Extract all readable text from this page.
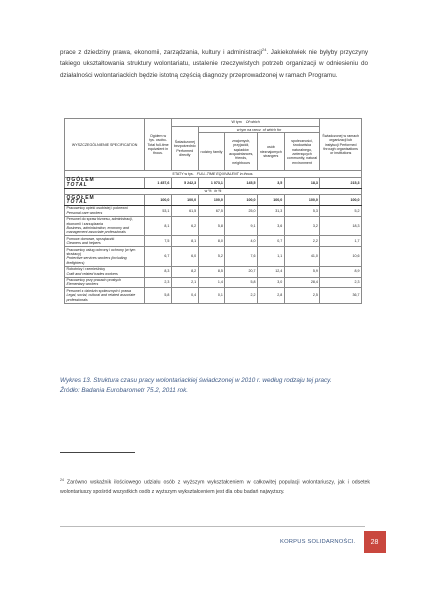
prace z dziedziny prawa, ekonomii, zarządzania, kultury i administracji$^{24}$. Jakiekolwiek nie byłyby przyczyny takiego ukształtowania struktury wolontariatu, ustalenie rzeczywistych potrzeb organizacji w odniesieniu do działalności wolontariackich będzie istotną częścią diagnozy przeprowadzonej w ramach Programu.

WYSZCZEGÓLNIENIE SPECIFICATION	Ogółem w tys. osobo- Total full-time equivalent in thous.	W tym Of which					Świadczonej w ramach organizacji lub instytucji Performed through organisations or institutions
		Świadczonej bezpośrednio Performed directly	w tym na rzecz of which for				
			rodziny family	znajomych, przyjaciół, sąsiadów acquaintances, friends, neighbours	osób nieznajomych strangers	społeczności, środowiska naturalnego, zwierzęcych community, natural environment	
ETATY w tys. FULL-TIME EQUIVALENT in thous.							

OGÓŁEM
TOTAL	1 457,6	5 242,3	1 073,1	145,5	3,5	18,3	215,3
w % in %							

OGÓŁEM
TOTAL	100,0	100,0	100,0	100,0	100,0	100,0	100,0

Pracownicy opieki osobistej i pokrewni
Personal care workers	53,1	61,5	67,5	25,0	31,3	5,3	5,2

Personel do spraw biznesu, administracji, ekonomii i zarządzania
Business, administration, economy and management associate professionals	8,1	6,2	5,8	9,1	3,6	3,2	18,3

Pomoce domowe, sprzątaczki
Cleaners and helpers	7,5	8,1	8,0	4,0	0,7	2,2	1,7

Pracownicy usług ochrony i ochrony (w tym strażacy)
Protective services workers (including firefighters)	6,7	6,0	5,2	7,6	1,1	41,0	10,6

Robotnicy i rzemieślnicy
Craft and related trades workers	8,3	8,2	8,5	20,7	12,4	5,9	8,9

Pracownicy przy pracach prostych
Elementary workers	2,3	2,1	1,4	5,8	3,0	28,4	2,3

Personel z dziedzin społecznych i prawa
Legal, social, cultural and related associate professionals	5,8	0,4	0,1	2,2	2,8	2,5	36,7
Wykres 13. Struktura czasu pracy wolontariackiej świadczonej w 2010 r. według rodzaju tej pracy.
Źródło: Badania Eurobarometr 75.2, 2011 rok.

$^{24}$ Zarówno wskaźnik ilościowego udziału osób z wyższym wykształceniem w całkowitej populacji wolontariuszy, jak i odsetek wolontariuszy spośród wszystkich osób z wyższym wykształceniem jest dla obu badań najwyższy.

KORPUS SOLIDARNOŚCI.	28
